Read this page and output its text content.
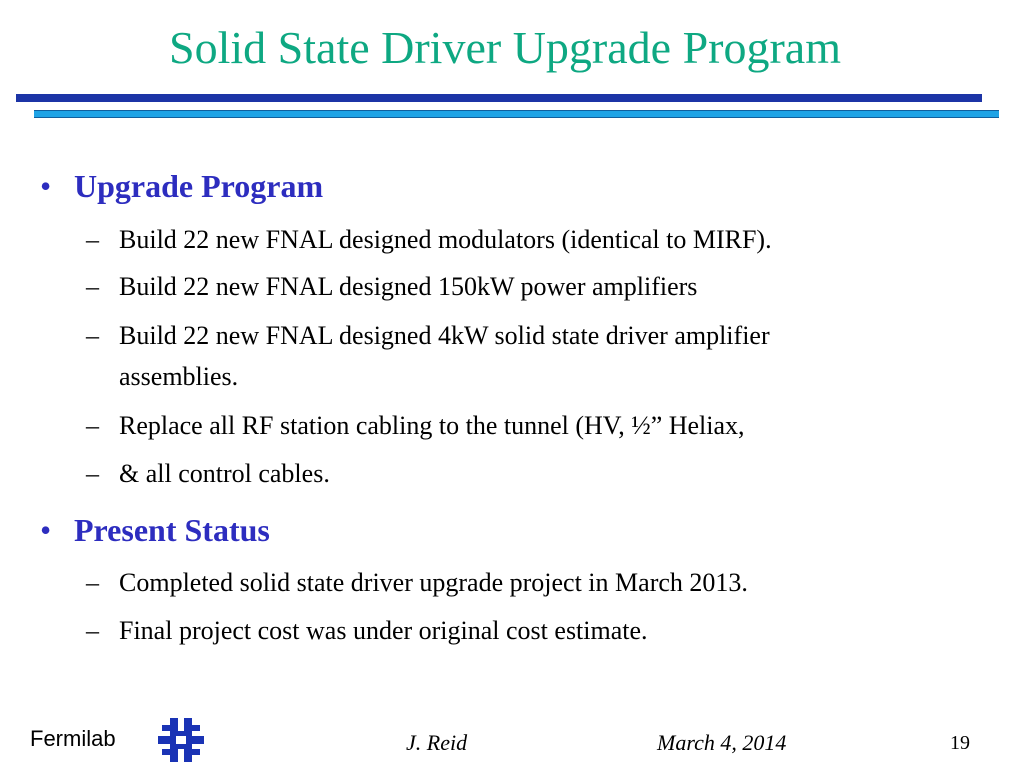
Solid State Driver Upgrade Program
• Upgrade Program
– Build 22 new FNAL designed modulators (identical to MIRF).
– Build 22 new FNAL designed 150kW power amplifiers
– Build 22 new FNAL designed 4kW solid state driver amplifier
assemblies.
– Replace all RF station cabling to the tunnel (HV, ½” Heliax,
– & all control cables.
• Present Status
– Completed solid state driver upgrade project in March 2013.
– Final project cost was under original cost estimate.
Fermilab	J. Reid	March 4, 2014	19
